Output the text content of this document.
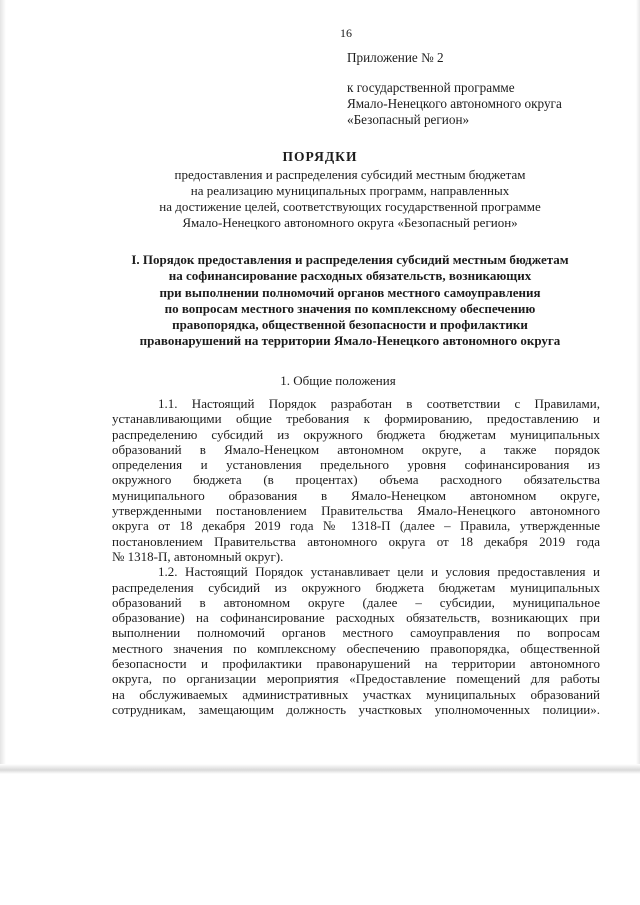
16
Приложение № 2
к государственной программе
Ямало-Ненецкого автономного округа
«Безопасный регион»
ПОРЯДКИ
предоставления и распределения субсидий местным бюджетам
на реализацию муниципальных программ, направленных
на достижение целей, соответствующих государственной программе
Ямало-Ненецкого автономного округа «Безопасный регион»
I. Порядок предоставления и распределения субсидий местным бюджетам
на софинансирование расходных обязательств, возникающих
при выполнении полномочий органов местного самоуправления
по вопросам местного значения по комплексному обеспечению
правопорядка, общественной безопасности и профилактики
правонарушений на территории Ямало-Ненецкого автономного округа
1. Общие положения
1.1. Настоящий Порядок разработан в соответствии с Правилами,
устанавливающими общие требования к формированию, предоставлению и
распределению субсидий из окружного бюджета бюджетам муниципальных
образований в Ямало-Ненецком автономном округе, а также порядок
определения и установления предельного уровня софинансирования из
окружного бюджета (в процентах) объема расходного обязательства
муниципального образования в Ямало-Ненецком автономном округе,
утвержденными постановлением Правительства Ямало-Ненецкого автономного
округа от 18 декабря 2019 года № 1318-П (далее – Правила, утвержденные
постановлением Правительства автономного округа от 18 декабря 2019 года
№ 1318-П, автономный округ).
1.2. Настоящий Порядок устанавливает цели и условия предоставления и
распределения субсидий из окружного бюджета бюджетам муниципальных
образований в автономном округе (далее – субсидии, муниципальное
образование) на софинансирование расходных обязательств, возникающих при
выполнении полномочий органов местного самоуправления по вопросам
местного значения по комплексному обеспечению правопорядка, общественной
безопасности и профилактики правонарушений на территории автономного
округа, по организации мероприятия «Предоставление помещений для работы
на обслуживаемых административных участках муниципальных образований
сотрудникам, замещающим должность участковых уполномоченных полиции».
